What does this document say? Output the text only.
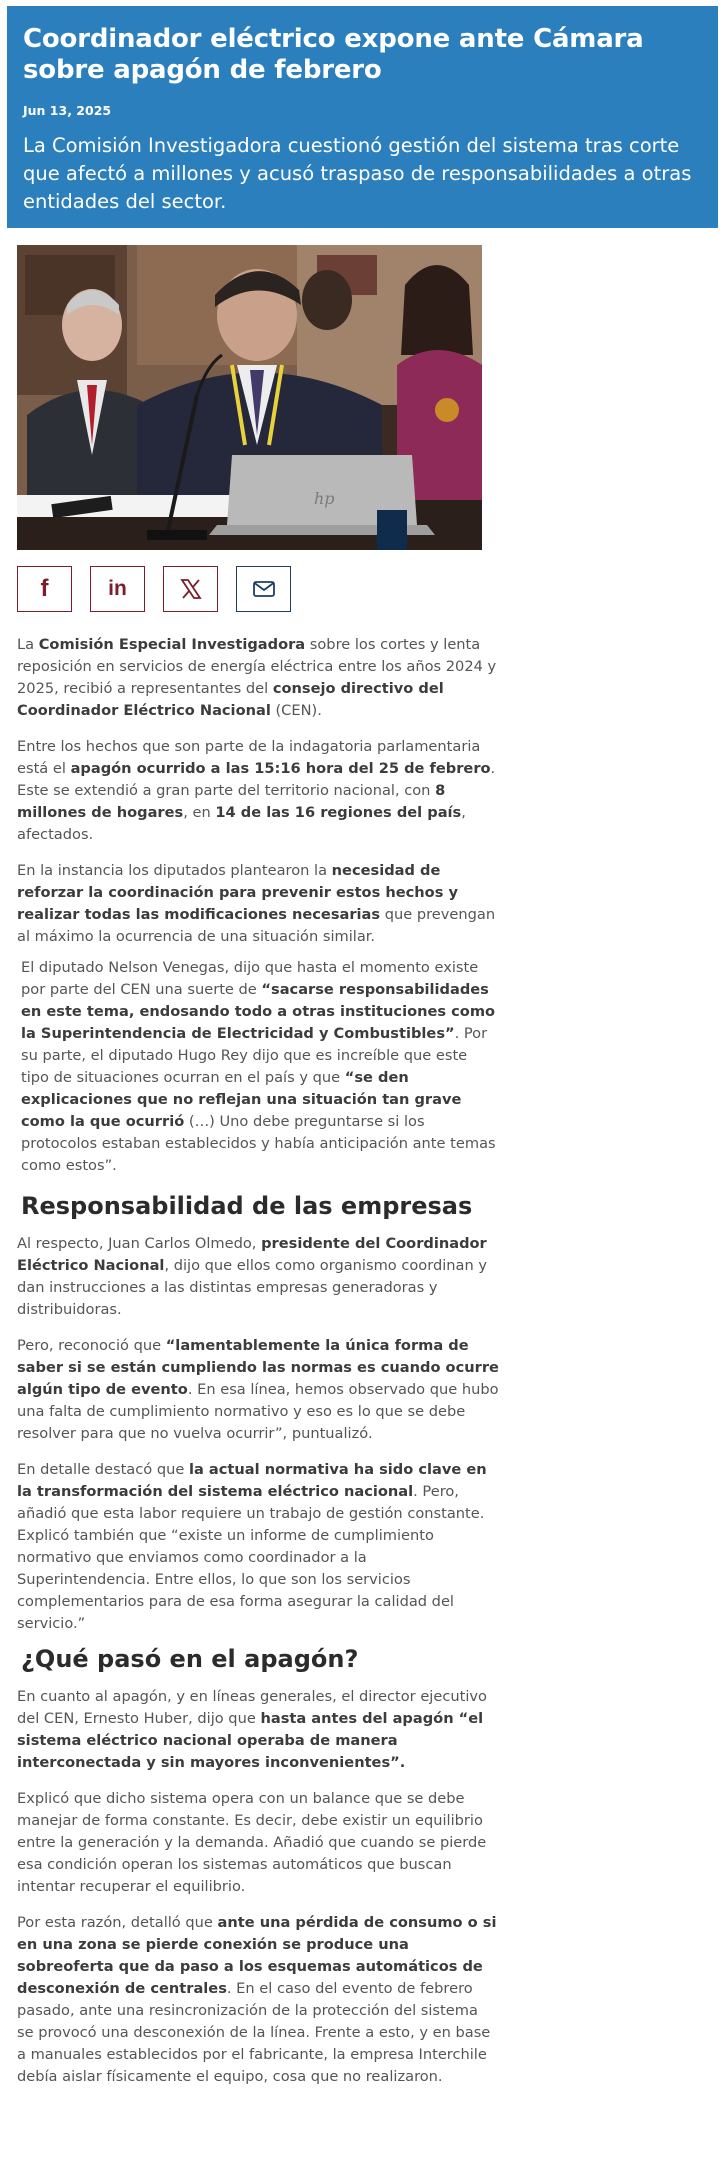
Coordinador eléctrico expone ante Cámara sobre apagón de febrero
Jun 13, 2025
La Comisión Investigadora cuestionó gestión del sistema tras corte que afectó a millones y acusó traspaso de responsabilidades a otras entidades del sector.
hp
f	in

La Comisión Especial Investigadora sobre los cortes y lenta reposición en servicios de energía eléctrica entre los años 2024 y 2025, recibió a representantes del consejo directivo del Coordinador Eléctrico Nacional (CEN).

Entre los hechos que son parte de la indagatoria parlamentaria está el apagón ocurrido a las 15:16 hora del 25 de febrero. Este se extendió a gran parte del territorio nacional, con 8 millones de hogares, en 14 de las 16 regiones del país, afectados.

En la instancia los diputados plantearon la necesidad de reforzar la coordinación para prevenir estos hechos y realizar todas las modificaciones necesarias que prevengan al máximo la ocurrencia de una situación similar.

El diputado Nelson Venegas, dijo que hasta el momento existe por parte del CEN una suerte de “sacarse responsabilidades en este tema, endosando todo a otras instituciones como la Superintendencia de Electricidad y Combustibles”. Por su parte, el diputado Hugo Rey dijo que es increíble que este tipo de situaciones ocurran en el país y que “se den explicaciones que no reflejan una situación tan grave como la que ocurrió (…) Uno debe preguntarse si los protocolos estaban establecidos y había anticipación ante temas como estos”.

Responsabilidad de las empresas

Al respecto, Juan Carlos Olmedo, presidente del Coordinador Eléctrico Nacional, dijo que ellos como organismo coordinan y dan instrucciones a las distintas empresas generadoras y distribuidoras.

Pero, reconoció que “lamentablemente la única forma de saber si se están cumpliendo las normas es cuando ocurre algún tipo de evento. En esa línea, hemos observado que hubo una falta de cumplimiento normativo y eso es lo que se debe resolver para que no vuelva ocurrir”, puntualizó.

En detalle destacó que la actual normativa ha sido clave en la transformación del sistema eléctrico nacional. Pero, añadió que esta labor requiere un trabajo de gestión constante. Explicó también que “existe un informe de cumplimiento normativo que enviamos como coordinador a la Superintendencia. Entre ellos, lo que son los servicios complementarios para de esa forma asegurar la calidad del servicio.”

¿Qué pasó en el apagón?

En cuanto al apagón, y en líneas generales, el director ejecutivo del CEN, Ernesto Huber, dijo que hasta antes del apagón “el sistema eléctrico nacional operaba de manera interconectada y sin mayores inconvenientes”.

Explicó que dicho sistema opera con un balance que se debe manejar de forma constante. Es decir, debe existir un equilibrio entre la generación y la demanda. Añadió que cuando se pierde esa condición operan los sistemas automáticos que buscan intentar recuperar el equilibrio.

Por esta razón, detalló que ante una pérdida de consumo o si en una zona se pierde conexión se produce una sobreoferta que da paso a los esquemas automáticos de desconexión de centrales. En el caso del evento de febrero pasado, ante una resincronización de la protección del sistema se provocó una desconexión de la línea. Frente a esto, y en base a manuales establecidos por el fabricante, la empresa Interchile debía aislar físicamente el equipo, cosa que no realizaron.
